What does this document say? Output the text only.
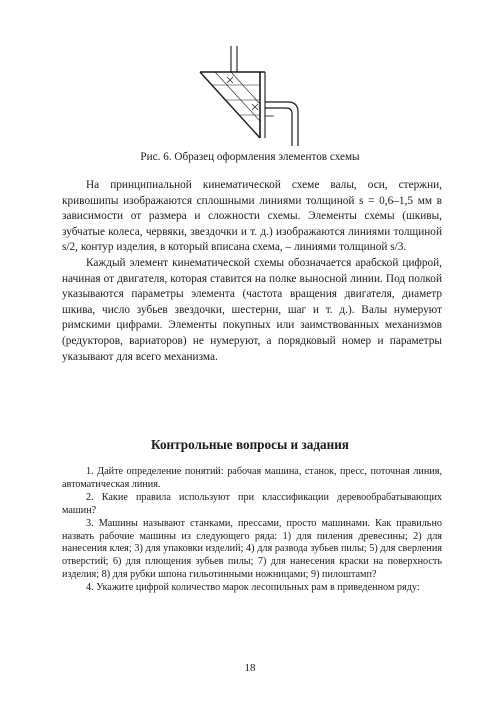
Рис. 6. Образец оформления элементов схемы

На принципиальной кинематической схеме валы, оси, стержни, кривошипы изображаются сплошными линиями толщиной s = 0,6–1,5 мм в зависимости от размера и сложности схемы. Элементы схемы (шкивы, зубчатые колеса, червяки, звездочки и т. д.) изображаются линиями толщиной s/2, контур изделия, в который вписана схема, – линиями толщиной s/3.

Каждый элемент кинематической схемы обозначается арабской цифрой, начиная от двигателя, которая ставится на полке выносной линии. Под полкой указываются параметры элемента (частота вращения двигателя, диаметр шкива, число зубьев звездочки, шестерни, шаг и т. д.). Валы нумеруют римскими цифрами. Элементы покупных или заимствованных механизмов (редукторов, вариаторов) не нумеруют, а порядковый номер и параметры указывают для всего механизма.

Контрольные вопросы и задания

1. Дайте определение понятий: рабочая машина, станок, пресс, поточная линия, автоматическая линия.

2. Какие правила используют при классификации деревообрабатывающих машин?

3. Машины называют станками, прессами, просто машинами. Как правильно назвать рабочие машины из следующего ряда: 1) для пиления древесины; 2) для нанесения клея; 3) для упаковки изделий; 4) для развода зубьев пилы; 5) для сверления отверстий; 6) для плющения зубьев пилы; 7) для нанесения краски на поверхность изделия; 8) для рубки шпона гильотинными ножницами; 9) пилоштамп?

4. Укажите цифрой количество марок лесопильных рам в приведенном ряду:

18
